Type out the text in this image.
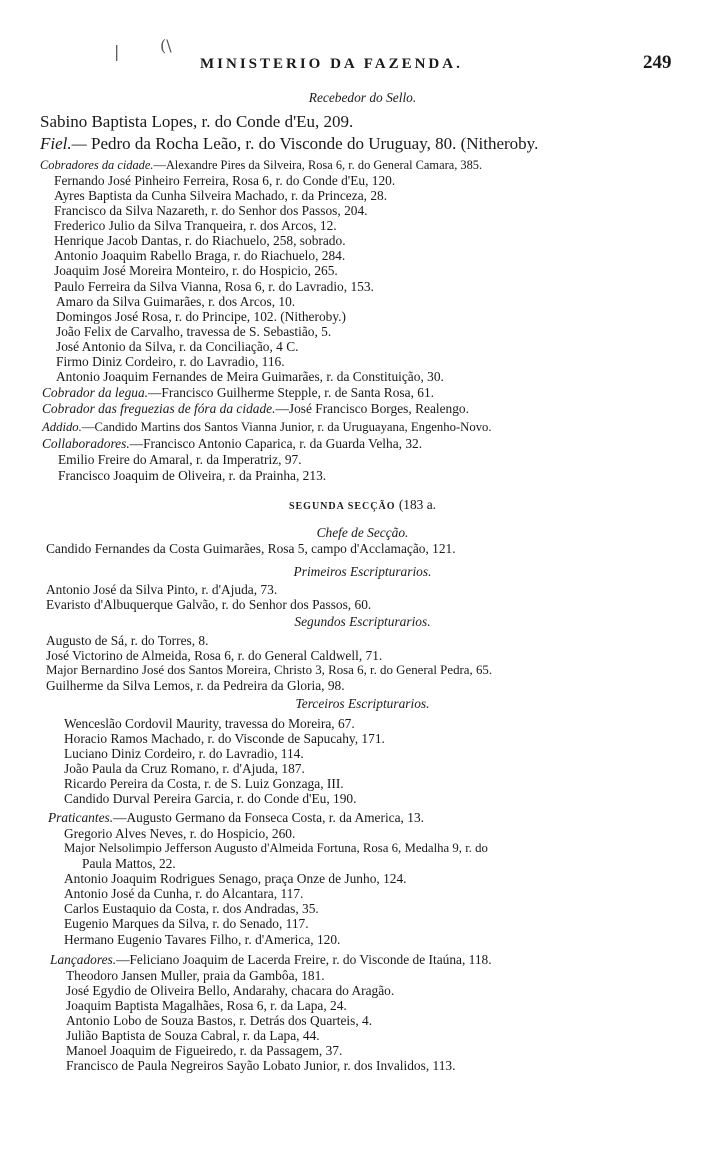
|	(\
MINISTERIO DA FAZENDA.	249
Recebedor do Sello.
Sabino Baptista Lopes, r. do Conde d'Eu, 209.
Fiel.— Pedro da Rocha Leão, r. do Visconde do Uruguay, 80. (Nitheroby.
Cobradores da cidade.—Alexandre Pires da Silveira, Rosa 6, r. do General Camara, 385.
Fernando José Pinheiro Ferreira, Rosa 6, r. do Conde d'Eu, 120.
Ayres Baptista da Cunha Silveira Machado, r. da Princeza, 28.
Francisco da Silva Nazareth, r. do Senhor dos Passos, 204.
Frederico Julio da Silva Tranqueira, r. dos Arcos, 12.
Henrique Jacob Dantas, r. do Riachuelo, 258, sobrado.
Antonio Joaquim Rabello Braga, r. do Riachuelo, 284.
Joaquim José Moreira Monteiro, r. do Hospicio, 265.
Paulo Ferreira da Silva Vianna, Rosa 6, r. do Lavradio, 153.
Amaro da Silva Guimarães, r. dos Arcos, 10.
Domingos José Rosa, r. do Principe, 102. (Nitheroby.)
João Felix de Carvalho, travessa de S. Sebastião, 5.
José Antonio da Silva, r. da Conciliação, 4 C.
Firmo Diniz Cordeiro, r. do Lavradio, 116.
Antonio Joaquim Fernandes de Meira Guimarães, r. da Constituição, 30.
Cobrador da legua.—Francisco Guilherme Stepple, r. de Santa Rosa, 61.
Cobrador das freguezias de fóra da cidade.—José Francisco Borges, Realengo.
Addido.—Candido Martins dos Santos Vianna Junior, r. da Uruguayana, Engenho-Novo.
Collaboradores.—Francisco Antonio Caparica, r. da Guarda Velha, 32.
Emilio Freire do Amaral, r. da Imperatriz, 97.
Francisco Joaquim de Oliveira, r. da Prainha, 213.
SEGUNDA SECÇÃO (183 a.
Chefe de Secção.
Candido Fernandes da Costa Guimarães, Rosa 5, campo d'Acclamação, 121.
Primeiros Escripturarios.
Antonio José da Silva Pinto, r. d'Ajuda, 73.
Evaristo d'Albuquerque Galvão, r. do Senhor dos Passos, 60.
Segundos Escripturarios.
Augusto de Sá, r. do Torres, 8.
José Victorino de Almeida, Rosa 6, r. do General Caldwell, 71.
Major Bernardino José dos Santos Moreira, Christo 3, Rosa 6, r. do General Pedra, 65.
Guilherme da Silva Lemos, r. da Pedreira da Gloria, 98.
Terceiros Escripturarios.
Wenceslão Cordovil Maurity, travessa do Moreira, 67.
Horacio Ramos Machado, r. do Visconde de Sapucahy, 171.
Luciano Diniz Cordeiro, r. do Lavradio, 114.
João Paula da Cruz Romano, r. d'Ajuda, 187.
Ricardo Pereira da Costa, r. de S. Luiz Gonzaga, III.
Candido Durval Pereira Garcia, r. do Conde d'Eu, 190.
Praticantes.—Augusto Germano da Fonseca Costa, r. da America, 13.
Gregorio Alves Neves, r. do Hospicio, 260.
Major Nelsolimpio Jefferson Augusto d'Almeida Fortuna, Rosa 6, Medalha 9, r. do
Paula Mattos, 22.
Antonio Joaquim Rodrigues Senago, praça Onze de Junho, 124.
Antonio José da Cunha, r. do Alcantara, 117.
Carlos Eustaquio da Costa, r. dos Andradas, 35.
Eugenio Marques da Silva, r. do Senado, 117.
Hermano Eugenio Tavares Filho, r. d'America, 120.
Lançadores.—Feliciano Joaquim de Lacerda Freire, r. do Visconde de Itaúna, 118.
Theodoro Jansen Muller, praia da Gambôa, 181.
José Egydio de Oliveira Bello, Andarahy, chacara do Aragão.
Joaquim Baptista Magalhães, Rosa 6, r. da Lapa, 24.
Antonio Lobo de Souza Bastos, r. Detrás dos Quarteis, 4.
Julião Baptista de Souza Cabral, r. da Lapa, 44.
Manoel Joaquim de Figueiredo, r. da Passagem, 37.
Francisco de Paula Negreiros Sayão Lobato Junior, r. dos Invalidos, 113.
